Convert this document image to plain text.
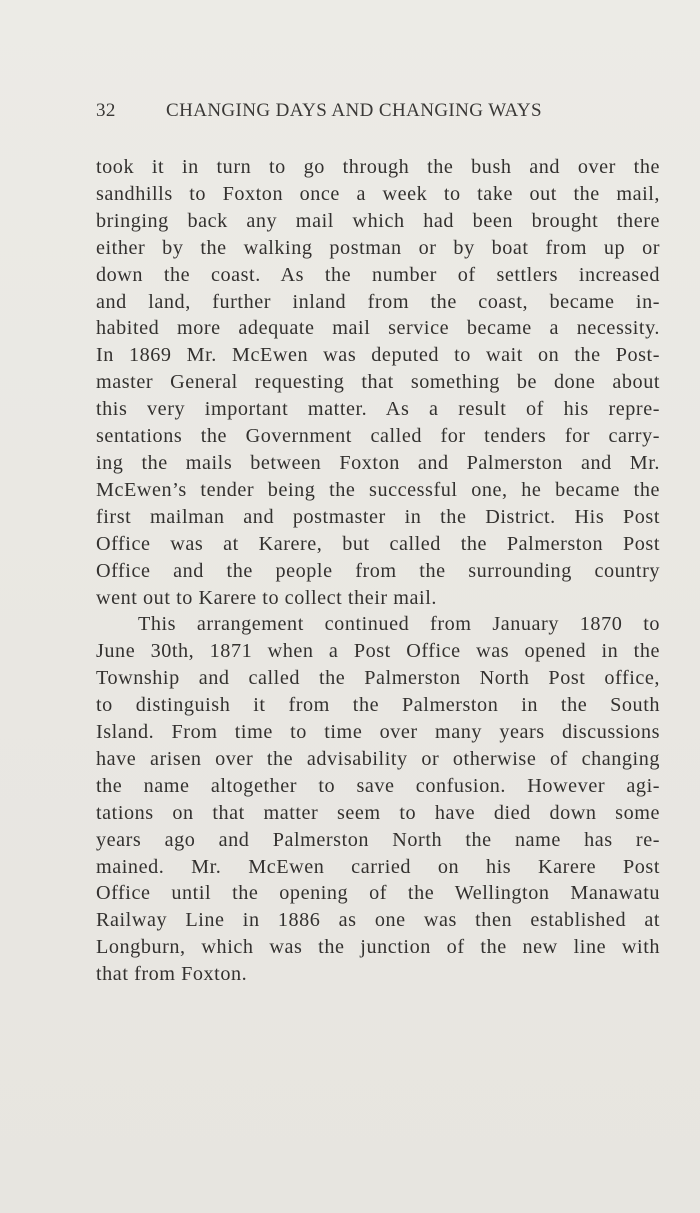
32	CHANGING DAYS AND CHANGING WAYS
took it in turn to go through the bush and over the
sandhills to Foxton once a week to take out the mail,
bringing back any mail which had been brought there
either by the walking postman or by boat from up or
down the coast. As the number of settlers increased
and land, further inland from the coast, became in-
habited more adequate mail service became a necessity.
In 1869 Mr. McEwen was deputed to wait on the Post-
master General requesting that something be done about
this very important matter. As a result of his repre-
sentations the Government called for tenders for carry-
ing the mails between Foxton and Palmerston and Mr.
McEwen’s tender being the successful one, he became the
first mailman and postmaster in the District. His Post
Office was at Karere, but called the Palmerston Post
Office and the people from the surrounding country
went out to Karere to collect their mail.
This arrangement continued from January 1870 to
June 30th, 1871 when a Post Office was opened in the
Township and called the Palmerston North Post office,
to distinguish it from the Palmerston in the South
Island. From time to time over many years discussions
have arisen over the advisability or otherwise of changing
the name altogether to save confusion. However agi-
tations on that matter seem to have died down some
years ago and Palmerston North the name has re-
mained. Mr. McEwen carried on his Karere Post
Office until the opening of the Wellington Manawatu
Railway Line in 1886 as one was then established at
Longburn, which was the junction of the new line with
that from Foxton.
